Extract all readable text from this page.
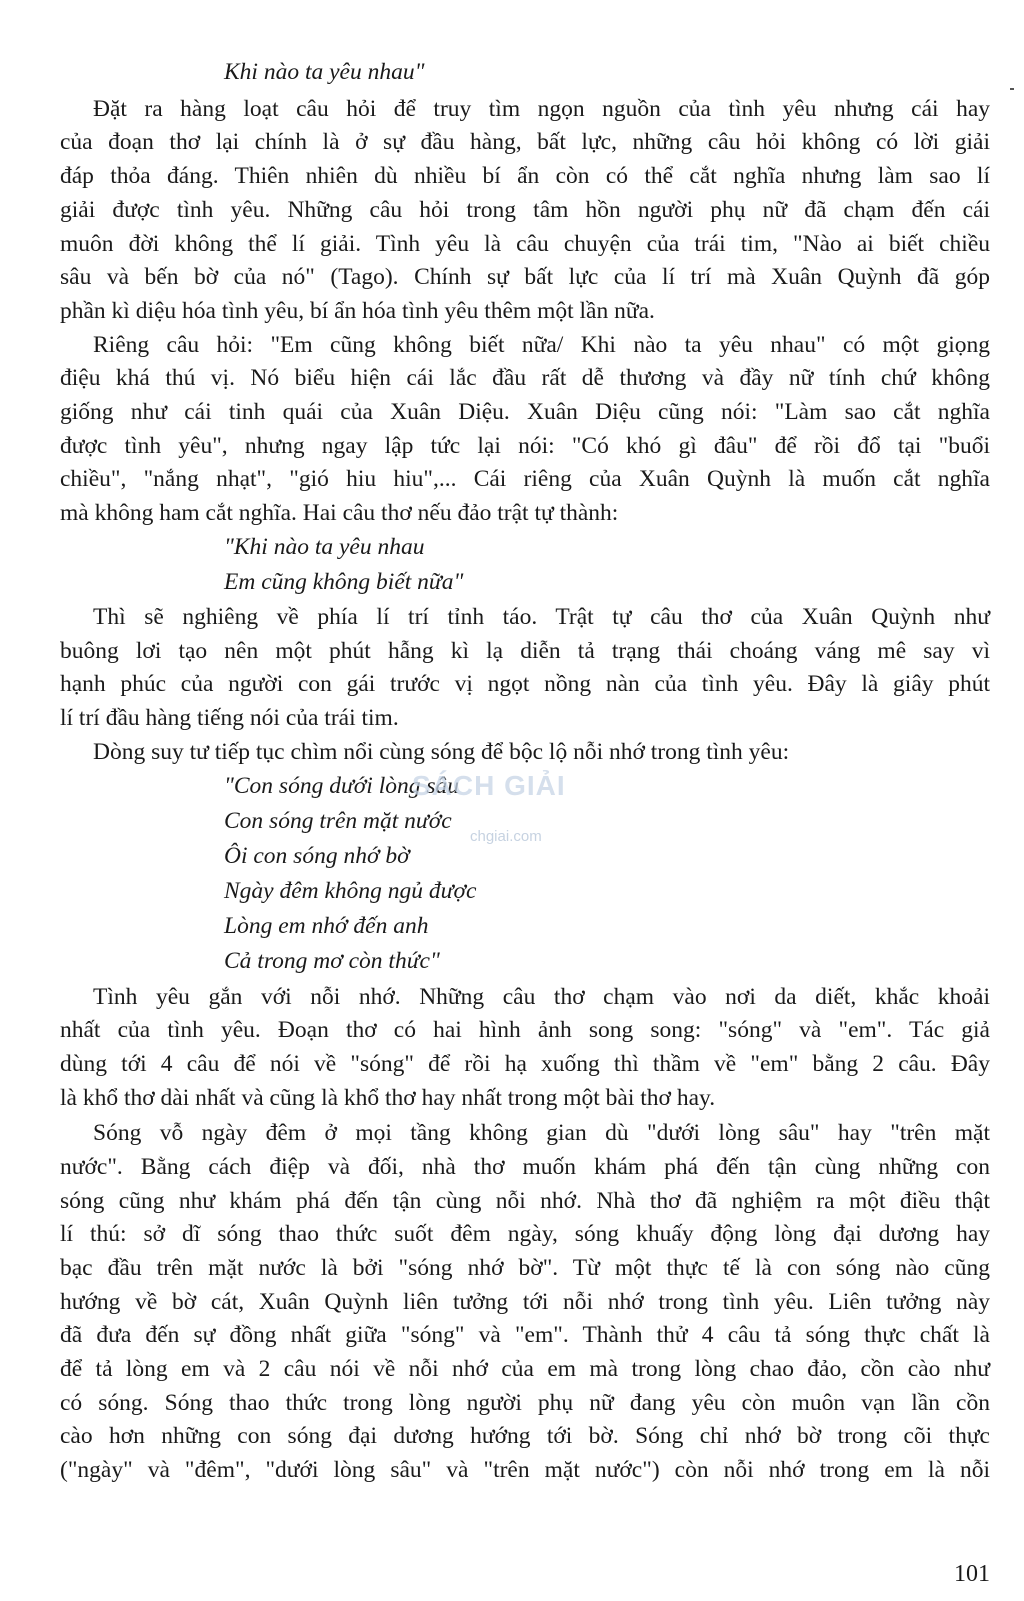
Khi nào ta yêu nhau"
Đặt ra hàng loạt câu hỏi để truy tìm ngọn nguồn của tình yêu nhưng cái hay
của đoạn thơ lại chính là ở sự đầu hàng, bất lực, những câu hỏi không có lời giải
đáp thỏa đáng. Thiên nhiên dù nhiều bí ẩn còn có thể cắt nghĩa nhưng làm sao lí
giải được tình yêu. Những câu hỏi trong tâm hồn người phụ nữ đã chạm đến cái
muôn đời không thể lí giải. Tình yêu là câu chuyện của trái tim, "Nào ai biết chiều
sâu và bến bờ của nó" (Tago). Chính sự bất lực của lí trí mà Xuân Quỳnh đã góp
phần kì diệu hóa tình yêu, bí ẩn hóa tình yêu thêm một lần nữa.
Riêng câu hỏi: "Em cũng không biết nữa/ Khi nào ta yêu nhau" có một giọng
điệu khá thú vị. Nó biểu hiện cái lắc đầu rất dễ thương và đầy nữ tính chứ không
giống như cái tinh quái của Xuân Diệu. Xuân Diệu cũng nói: "Làm sao cắt nghĩa
được tình yêu", nhưng ngay lập tức lại nói: "Có khó gì đâu" để rồi đổ tại "buổi
chiều", "nắng nhạt", "gió hiu hiu",... Cái riêng của Xuân Quỳnh là muốn cắt nghĩa
mà không ham cắt nghĩa. Hai câu thơ nếu đảo trật tự thành:
"Khi nào ta yêu nhau
Em cũng không biết nữa"
Thì sẽ nghiêng về phía lí trí tỉnh táo. Trật tự câu thơ của Xuân Quỳnh như
buông lơi tạo nên một phút hẫng kì lạ diễn tả trạng thái choáng váng mê say vì
hạnh phúc của người con gái trước vị ngọt nồng nàn của tình yêu. Đây là giây phút
lí trí đầu hàng tiếng nói của trái tim.
Dòng suy tư tiếp tục chìm nổi cùng sóng để bộc lộ nỗi nhớ trong tình yêu:
"Con sóng dưới lòng sâu
Con sóng trên mặt nước
Ôi con sóng nhớ bờ
Ngày đêm không ngủ được
Lòng em nhớ đến anh
Cả trong mơ còn thức"
Tình yêu gắn với nỗi nhớ. Những câu thơ chạm vào nơi da diết, khắc khoải
nhất của tình yêu. Đoạn thơ có hai hình ảnh song song: "sóng" và "em". Tác giả
dùng tới 4 câu để nói về "sóng" để rồi hạ xuống thì thầm về "em" bằng 2 câu. Đây
là khổ thơ dài nhất và cũng là khổ thơ hay nhất trong một bài thơ hay.
Sóng vỗ ngày đêm ở mọi tầng không gian dù "dưới lòng sâu" hay "trên mặt
nước". Bằng cách điệp và đối, nhà thơ muốn khám phá đến tận cùng những con
sóng cũng như khám phá đến tận cùng nỗi nhớ. Nhà thơ đã nghiệm ra một điều thật
lí thú: sở dĩ sóng thao thức suốt đêm ngày, sóng khuấy động lòng đại dương hay
bạc đầu trên mặt nước là bởi "sóng nhớ bờ". Từ một thực tế là con sóng nào cũng
hướng về bờ cát, Xuân Quỳnh liên tưởng tới nỗi nhớ trong tình yêu. Liên tưởng này
đã đưa đến sự đồng nhất giữa "sóng" và "em". Thành thử 4 câu tả sóng thực chất là
để tả lòng em và 2 câu nói về nỗi nhớ của em mà trong lòng chao đảo, cồn cào như
có sóng. Sóng thao thức trong lòng người phụ nữ đang yêu còn muôn vạn lần cồn
cào hơn những con sóng đại dương hướng tới bờ. Sóng chỉ nhớ bờ trong cõi thực
("ngày" và "đêm", "dưới lòng sâu" và "trên mặt nước") còn nỗi nhớ trong em là nỗi
SÁCH GIẢI
chgiai.com
101
